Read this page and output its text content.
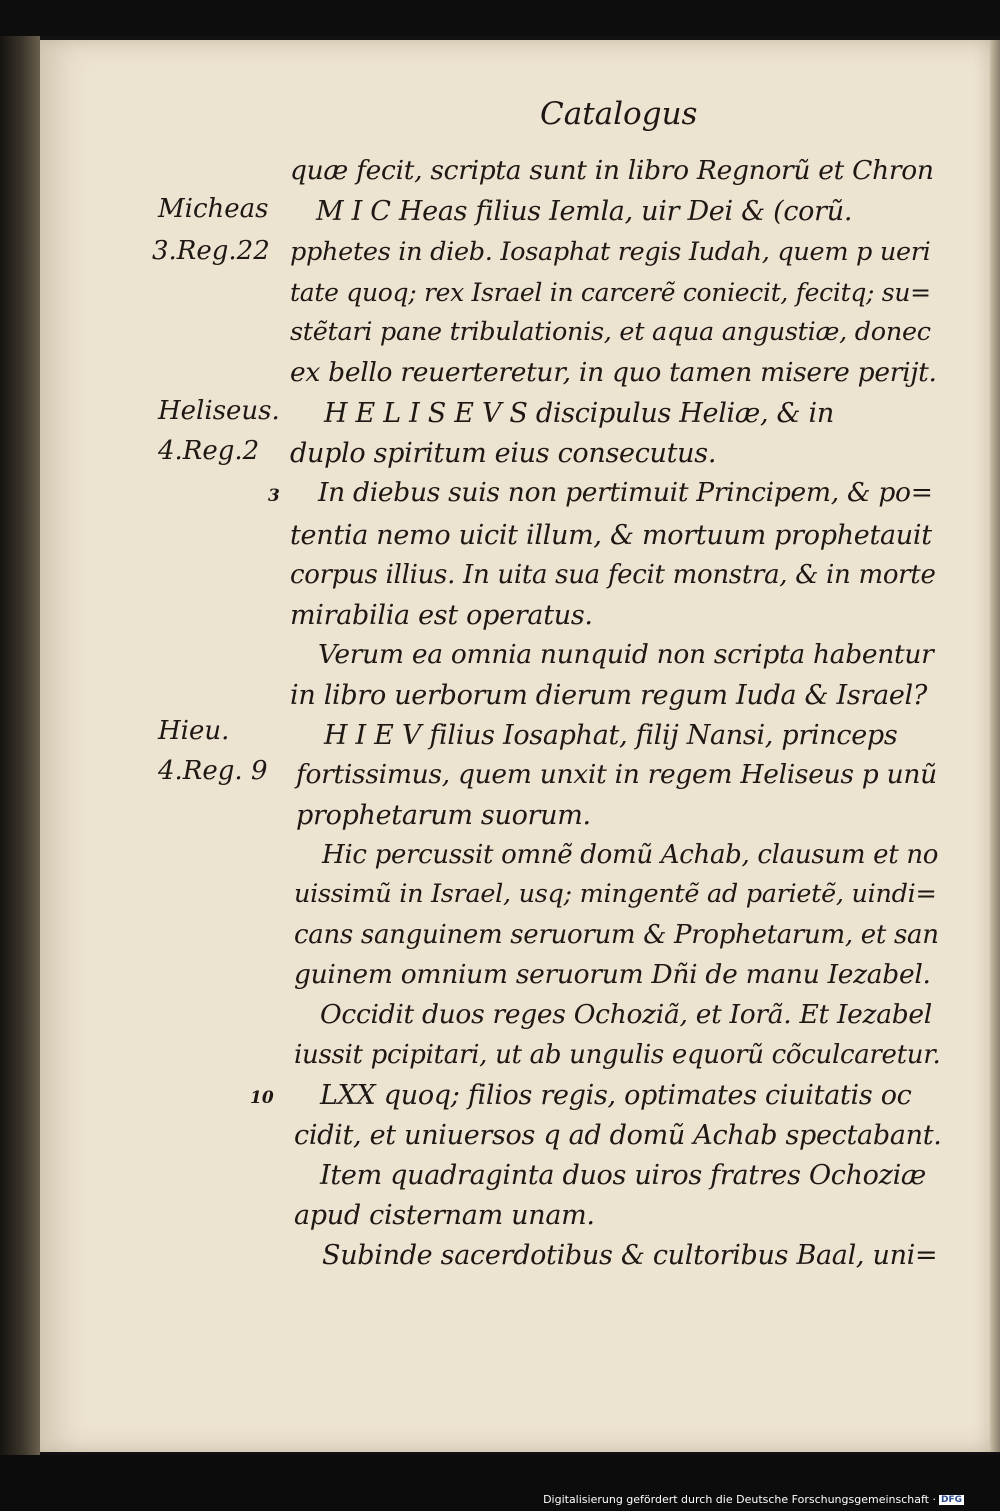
Catalogus
Micheas
3.Reg.22
Heliseus.
4.Reg.2
3
Hieu.
4.Reg. 9
10
quæ fecit, scripta sunt in libro Regnorũ et Chron
M I C Heas filius Iemla, uir Dei & (corũ.
pphetes in dieb. Iosaphat regis Iudah, quem p ueri
tate quoq; rex Israel in carcerẽ coniecit, fecitq; su=
stẽtari pane tribulationis, et aqua angustiæ, donec
ex bello reuerteretur, in quo tamen misere perijt.
H E L I S E V S discipulus Heliæ, & in
duplo spiritum eius consecutus.
In diebus suis non pertimuit Principem, & po=
tentia nemo uicit illum, & mortuum prophetauit
corpus illius. In uita sua fecit monstra, & in morte
mirabilia est operatus.
Verum ea omnia nunquid non scripta habentur
in libro uerborum dierum regum Iuda & Israel?
H I E V filius Iosaphat, filij Nansi, princeps
fortissimus, quem unxit in regem Heliseus p unũ
prophetarum suorum.
Hic percussit omnẽ domũ Achab, clausum et no
uissimũ in Israel, usq; mingentẽ ad parietẽ, uindi=
cans sanguinem seruorum & Prophetarum, et san
guinem omnium seruorum Dñi de manu Iezabel.
Occidit duos reges Ochoziã, et Iorã. Et Iezabel
iussit pcipitari, ut ab ungulis equorũ cõculcaretur.
LXX quoq; filios regis, optimates ciuitatis oc
cidit, et uniuersos q ad domũ Achab spectabant.
Item quadraginta duos uiros fratres Ochoziæ
apud cisternam unam.
Subinde sacerdotibus & cultoribus Baal, uni=
Digitalisierung gefördert durch die Deutsche Forschungsgemeinschaft · DFG
